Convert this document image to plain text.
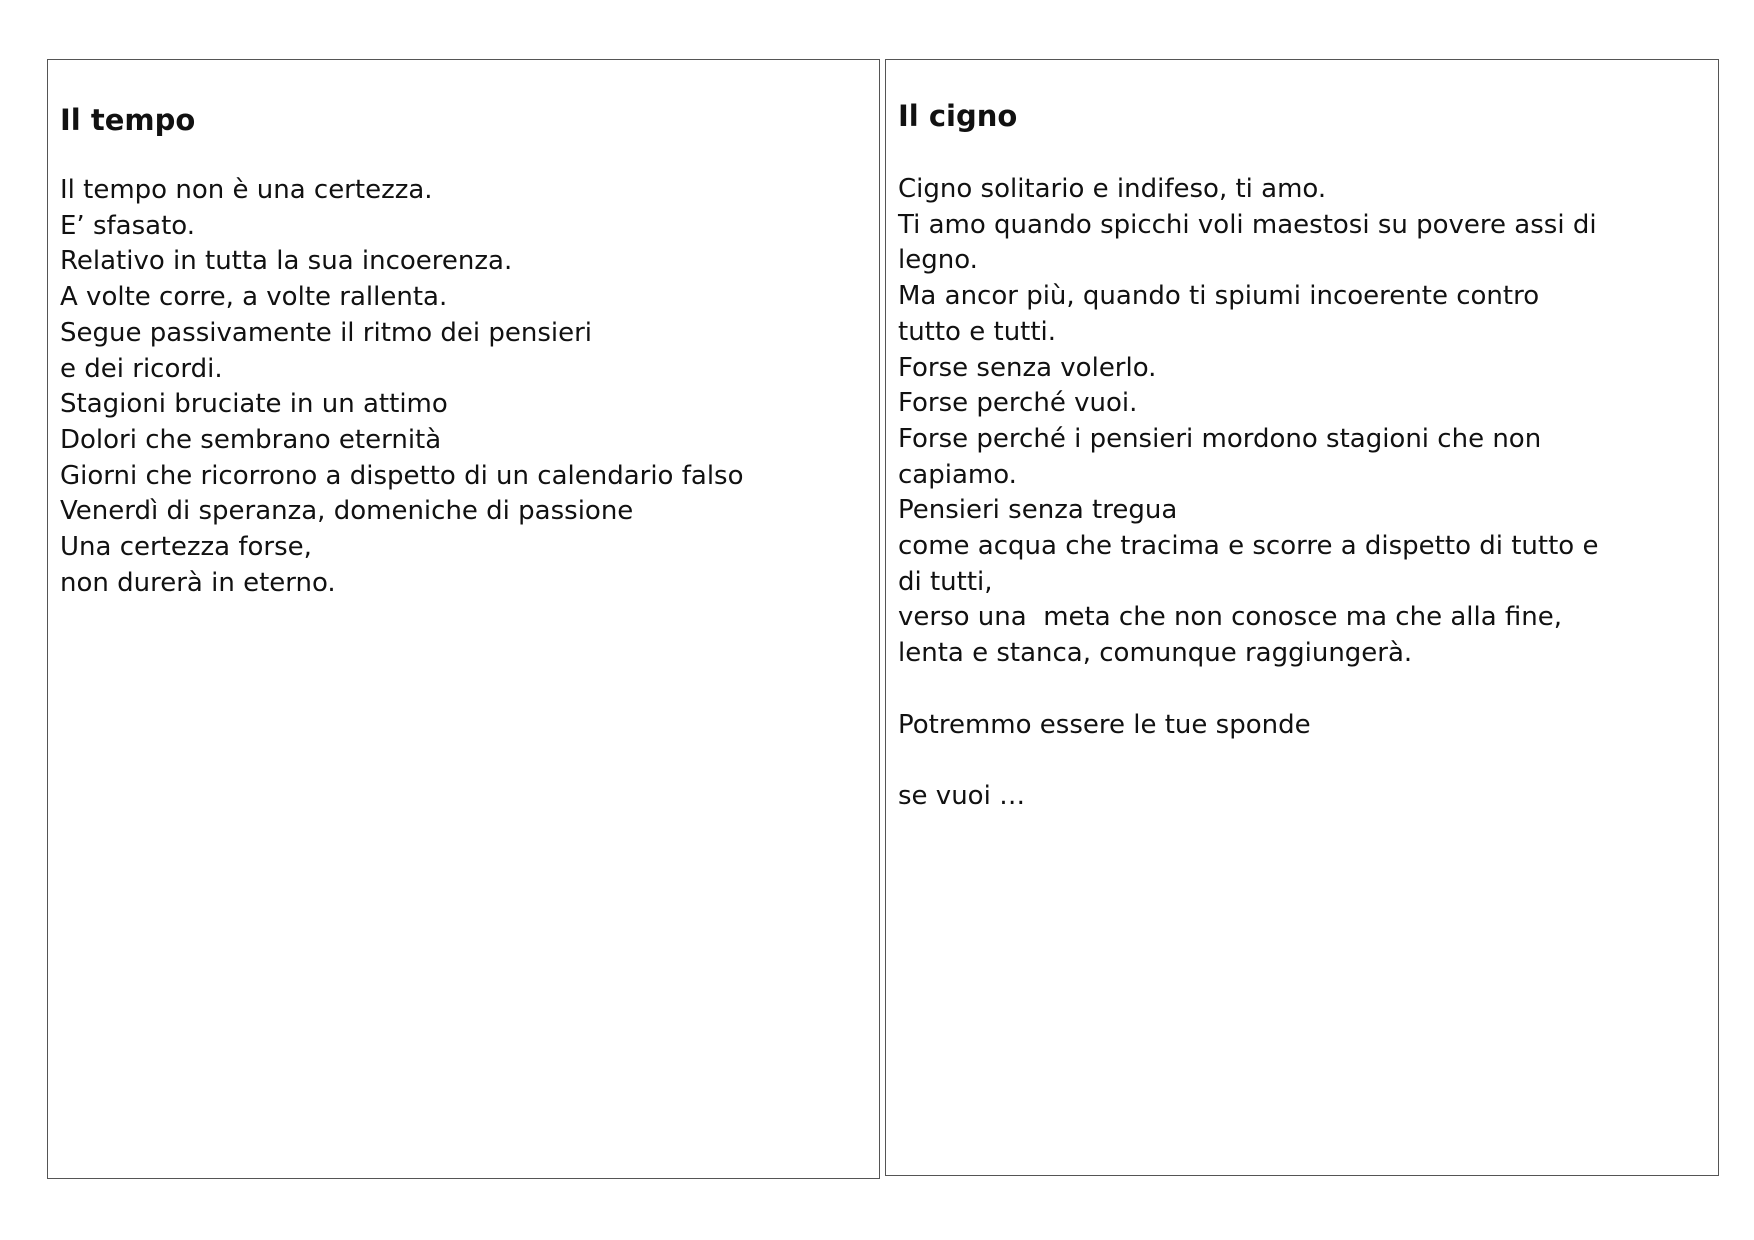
Il tempo
Il tempo non è una certezza.
E’ sfasato.
Relativo in tutta la sua incoerenza.
A volte corre, a volte rallenta.
Segue passivamente il ritmo dei pensieri
e dei ricordi.
Stagioni bruciate in un attimo
Dolori che sembrano eternità
Giorni che ricorrono a dispetto di un calendario falso
Venerdì di speranza, domeniche di passione
Una certezza forse,
non durerà in eterno.
Il cigno
Cigno solitario e indifeso, ti amo.
Ti amo quando spicchi voli maestosi su povere assi di
legno.
Ma ancor più, quando ti spiumi incoerente contro
tutto e tutti.
Forse senza volerlo.
Forse perché vuoi.
Forse perché i pensieri mordono stagioni che non
capiamo.
Pensieri senza tregua
come acqua che tracima e scorre a dispetto di tutto e
di tutti,
verso una  meta che non conosce ma che alla fine,
lenta e stanca, comunque raggiungerà.
Potremmo essere le tue sponde
se vuoi …
